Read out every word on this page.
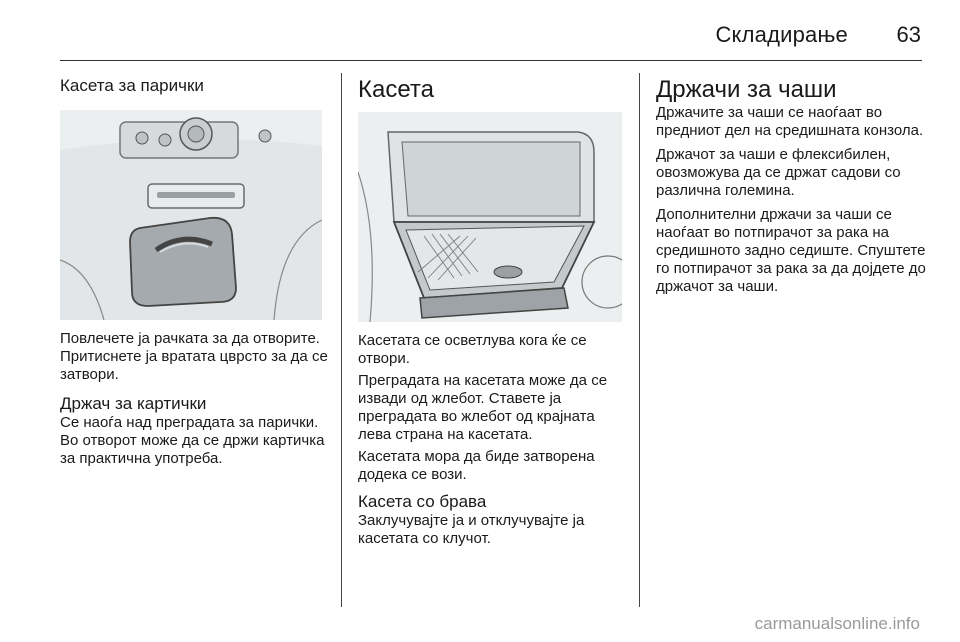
Складирање	63
Касета за парички

Повлечете ја рачката за да отворите. Притиснете ја вратата цврсто за да се затвори.

Држач за картички

Се наоѓа над преградата за парички. Во отворот може да се држи картичка за практична употреба.

Касета

Касетата се осветлува кога ќе се отвори.

Преградата на касетата може да се извади од жлебот. Ставете ја преградата во жлебот од крајната лева страна на касетата.

Касетата мора да биде затворена додека се вози.

Касета со брава

Заклучувајте ја и отклучувајте ја касетата со клучот.

Држачи за чаши

Држачите за чаши се наоѓаат во предниот дел на средишната конзола.

Држачот за чаши е флексибилен, овозможува да се држат садови со различна големина.

Дополнителни држачи за чаши се наоѓаат во потпирачот за рака на средишното задно седиште. Спуштете го потпирачот за рака за да дојдете до држачот за чаши.

carmanualsonline.info
